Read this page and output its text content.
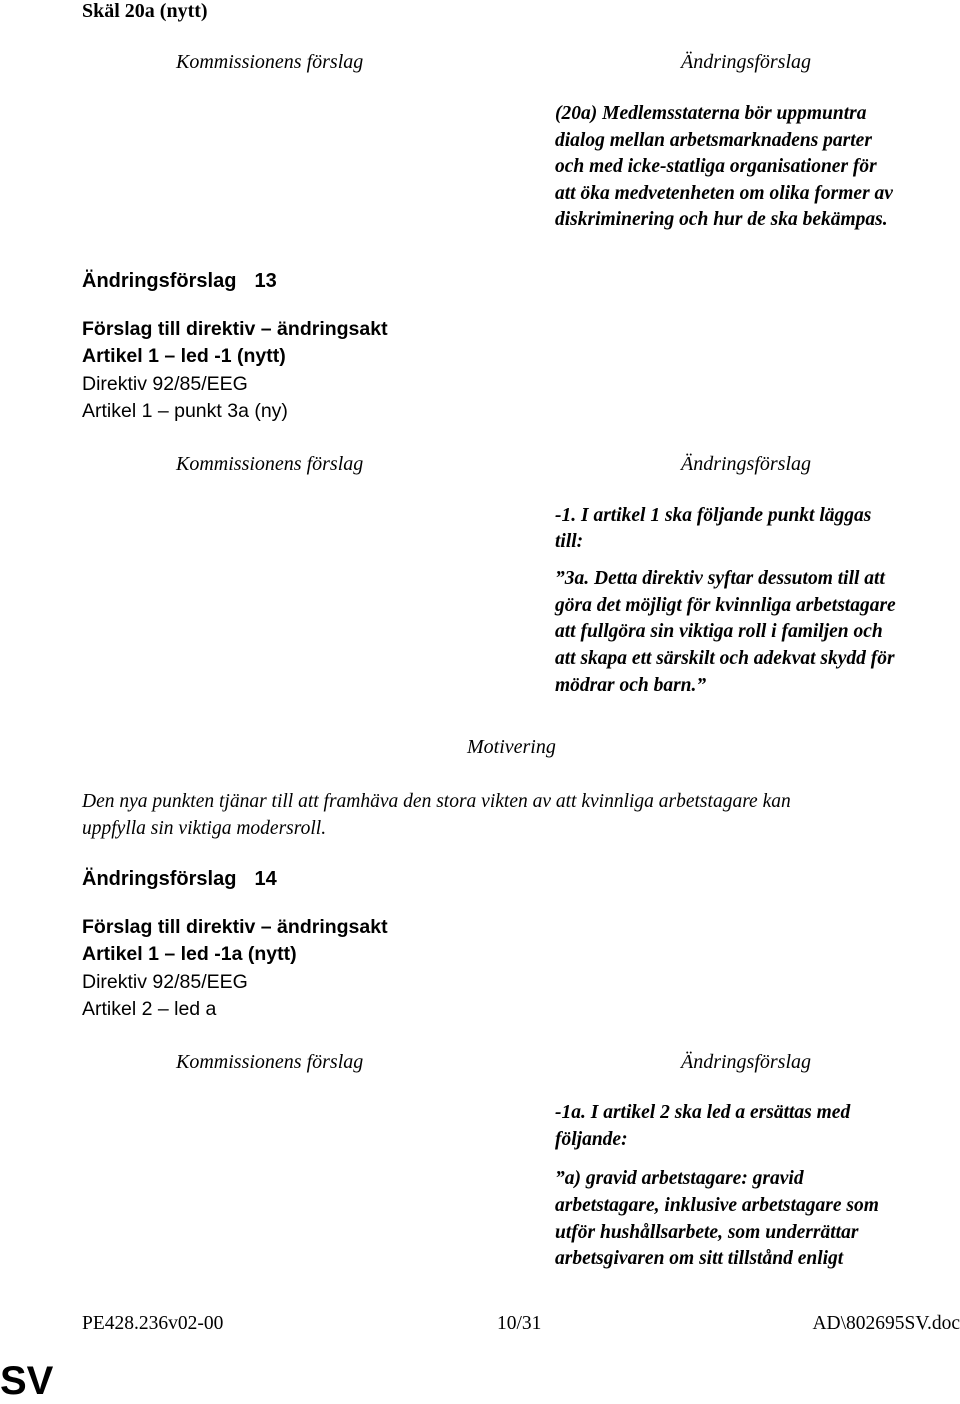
Skäl 20a (nytt)
Kommissionens förslag	Ändringsförslag
(20a) Medlemsstaterna bör uppmuntra
dialog mellan arbetsmarknadens parter
och med icke-statliga organisationer för
att öka medvetenheten om olika former av
diskriminering och hur de ska bekämpas.
Ändringsförslag 13
Förslag till direktiv – ändringsakt
Artikel 1 – led -1 (nytt)
Direktiv 92/85/EEG
Artikel 1 – punkt 3a (ny)
Kommissionens förslag	Ändringsförslag
-1. I artikel 1 ska följande punkt läggas
till:
”3a. Detta direktiv syftar dessutom till att
göra det möjligt för kvinnliga arbetstagare
att fullgöra sin viktiga roll i familjen och
att skapa ett särskilt och adekvat skydd för
mödrar och barn.”
Motivering
Den nya punkten tjänar till att framhäva den stora vikten av att kvinnliga arbetstagare kan
uppfylla sin viktiga modersroll.
Ändringsförslag 14
Förslag till direktiv – ändringsakt
Artikel 1 – led -1a (nytt)
Direktiv 92/85/EEG
Artikel 2 – led a
Kommissionens förslag	Ändringsförslag
-1a. I artikel 2 ska led a ersättas med
följande:
”a) gravid arbetstagare: gravid
arbetstagare, inklusive arbetstagare som
utför hushållsarbete, som underrättar
arbetsgivaren om sitt tillstånd enligt
PE428.236v02-00	10/31	AD\802695SV.doc
SV
